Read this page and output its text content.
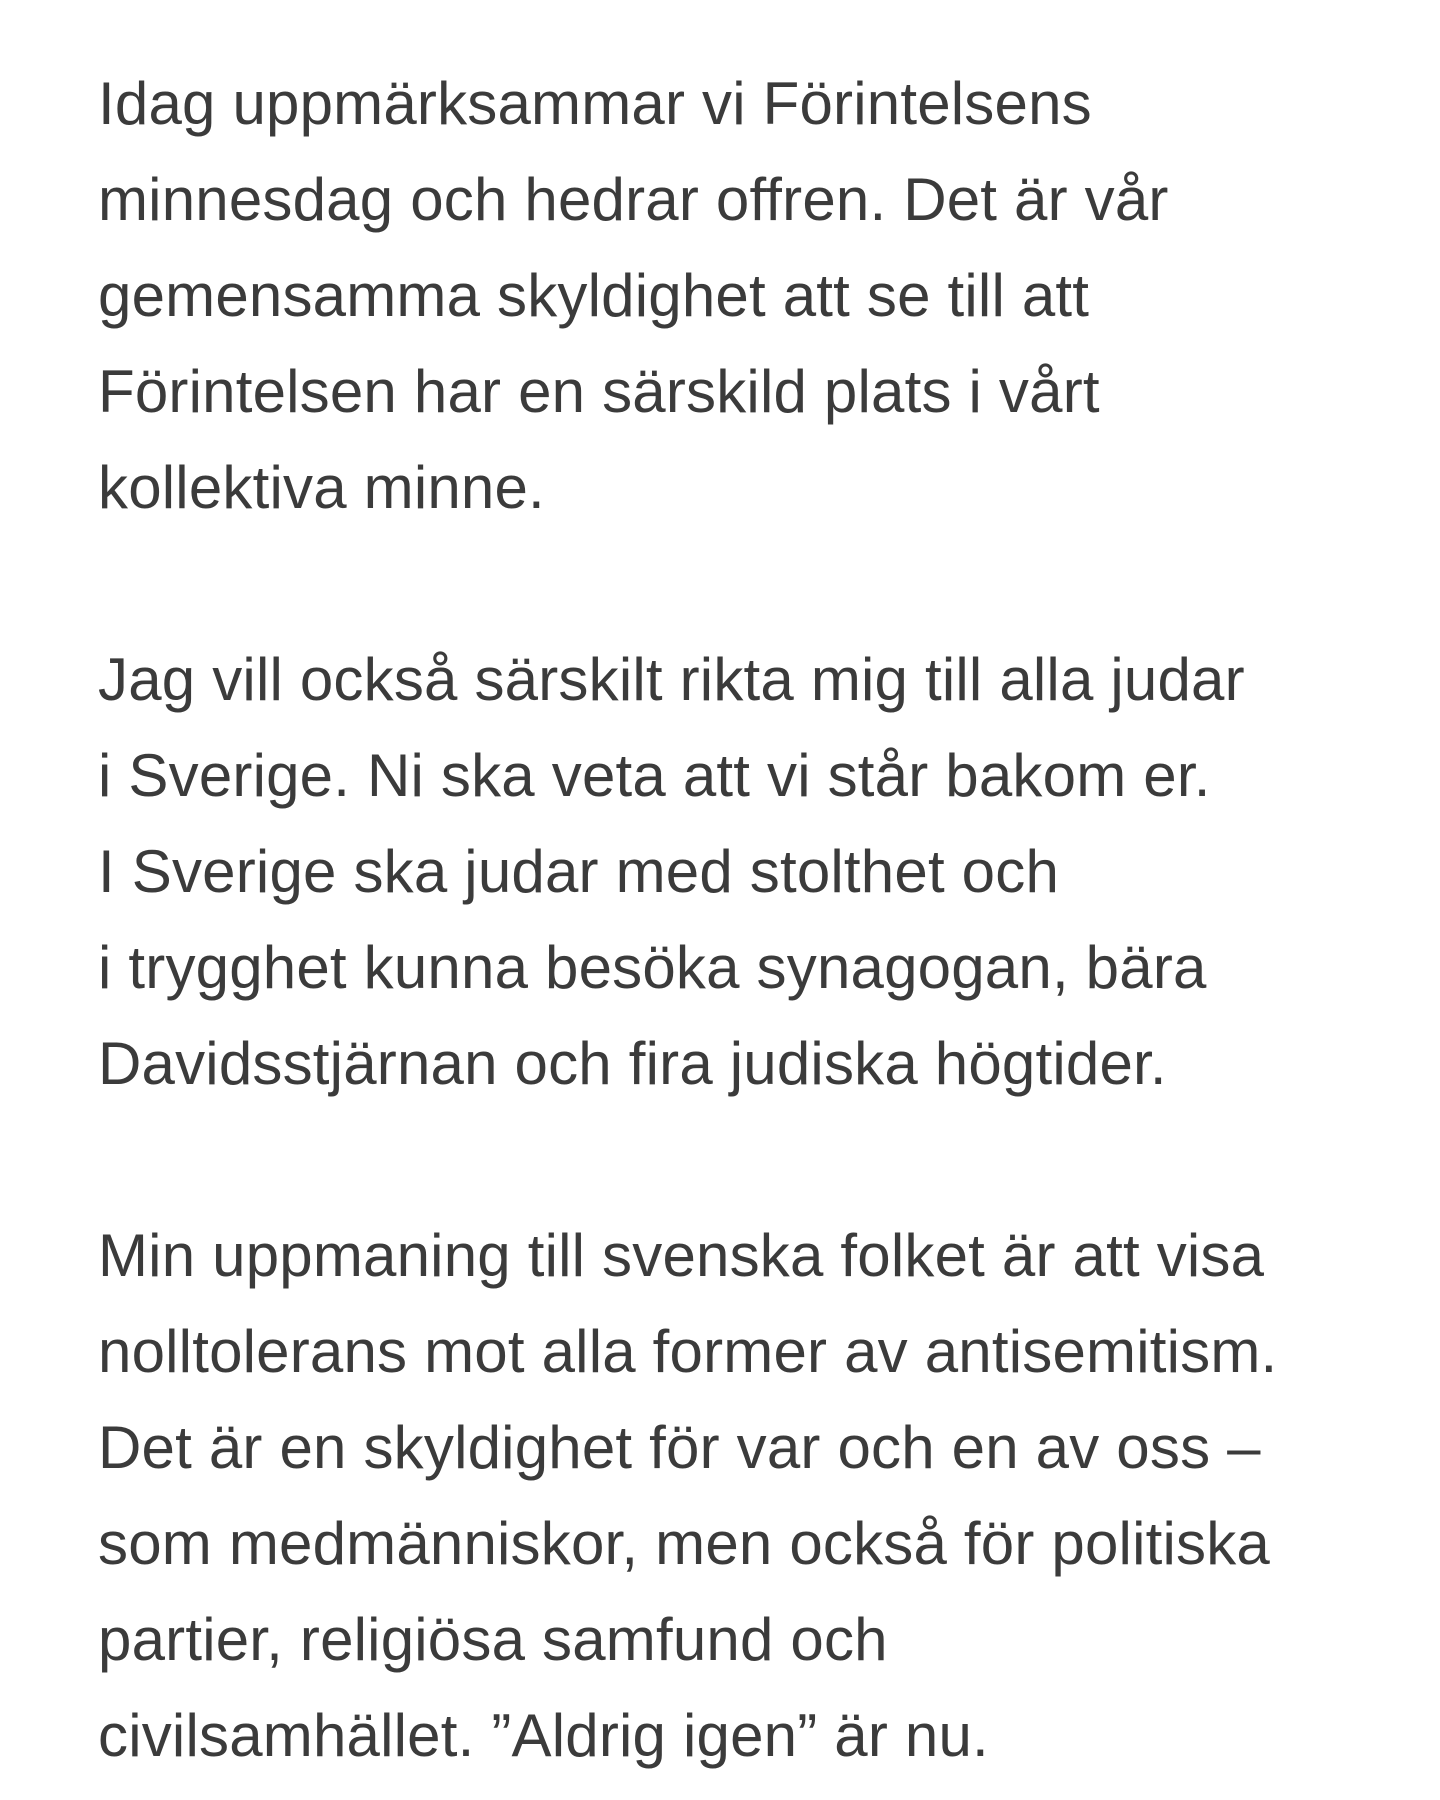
Idag uppmärksammar vi Förintelsens
minnesdag och hedrar offren. Det är vår
gemensamma skyldighet att se till att
Förintelsen har en särskild plats i vårt
kollektiva minne.
Jag vill också särskilt rikta mig till alla judar
i Sverige. Ni ska veta att vi står bakom er.
I Sverige ska judar med stolthet och
i trygghet kunna besöka synagogan, bära
Davidsstjärnan och fira judiska högtider.
Min uppmaning till svenska folket är att visa
nolltolerans mot alla former av antisemitism.
Det är en skyldighet för var och en av oss –
som medmänniskor, men också för politiska
partier, religiösa samfund och
civilsamhället. ”Aldrig igen” är nu.
